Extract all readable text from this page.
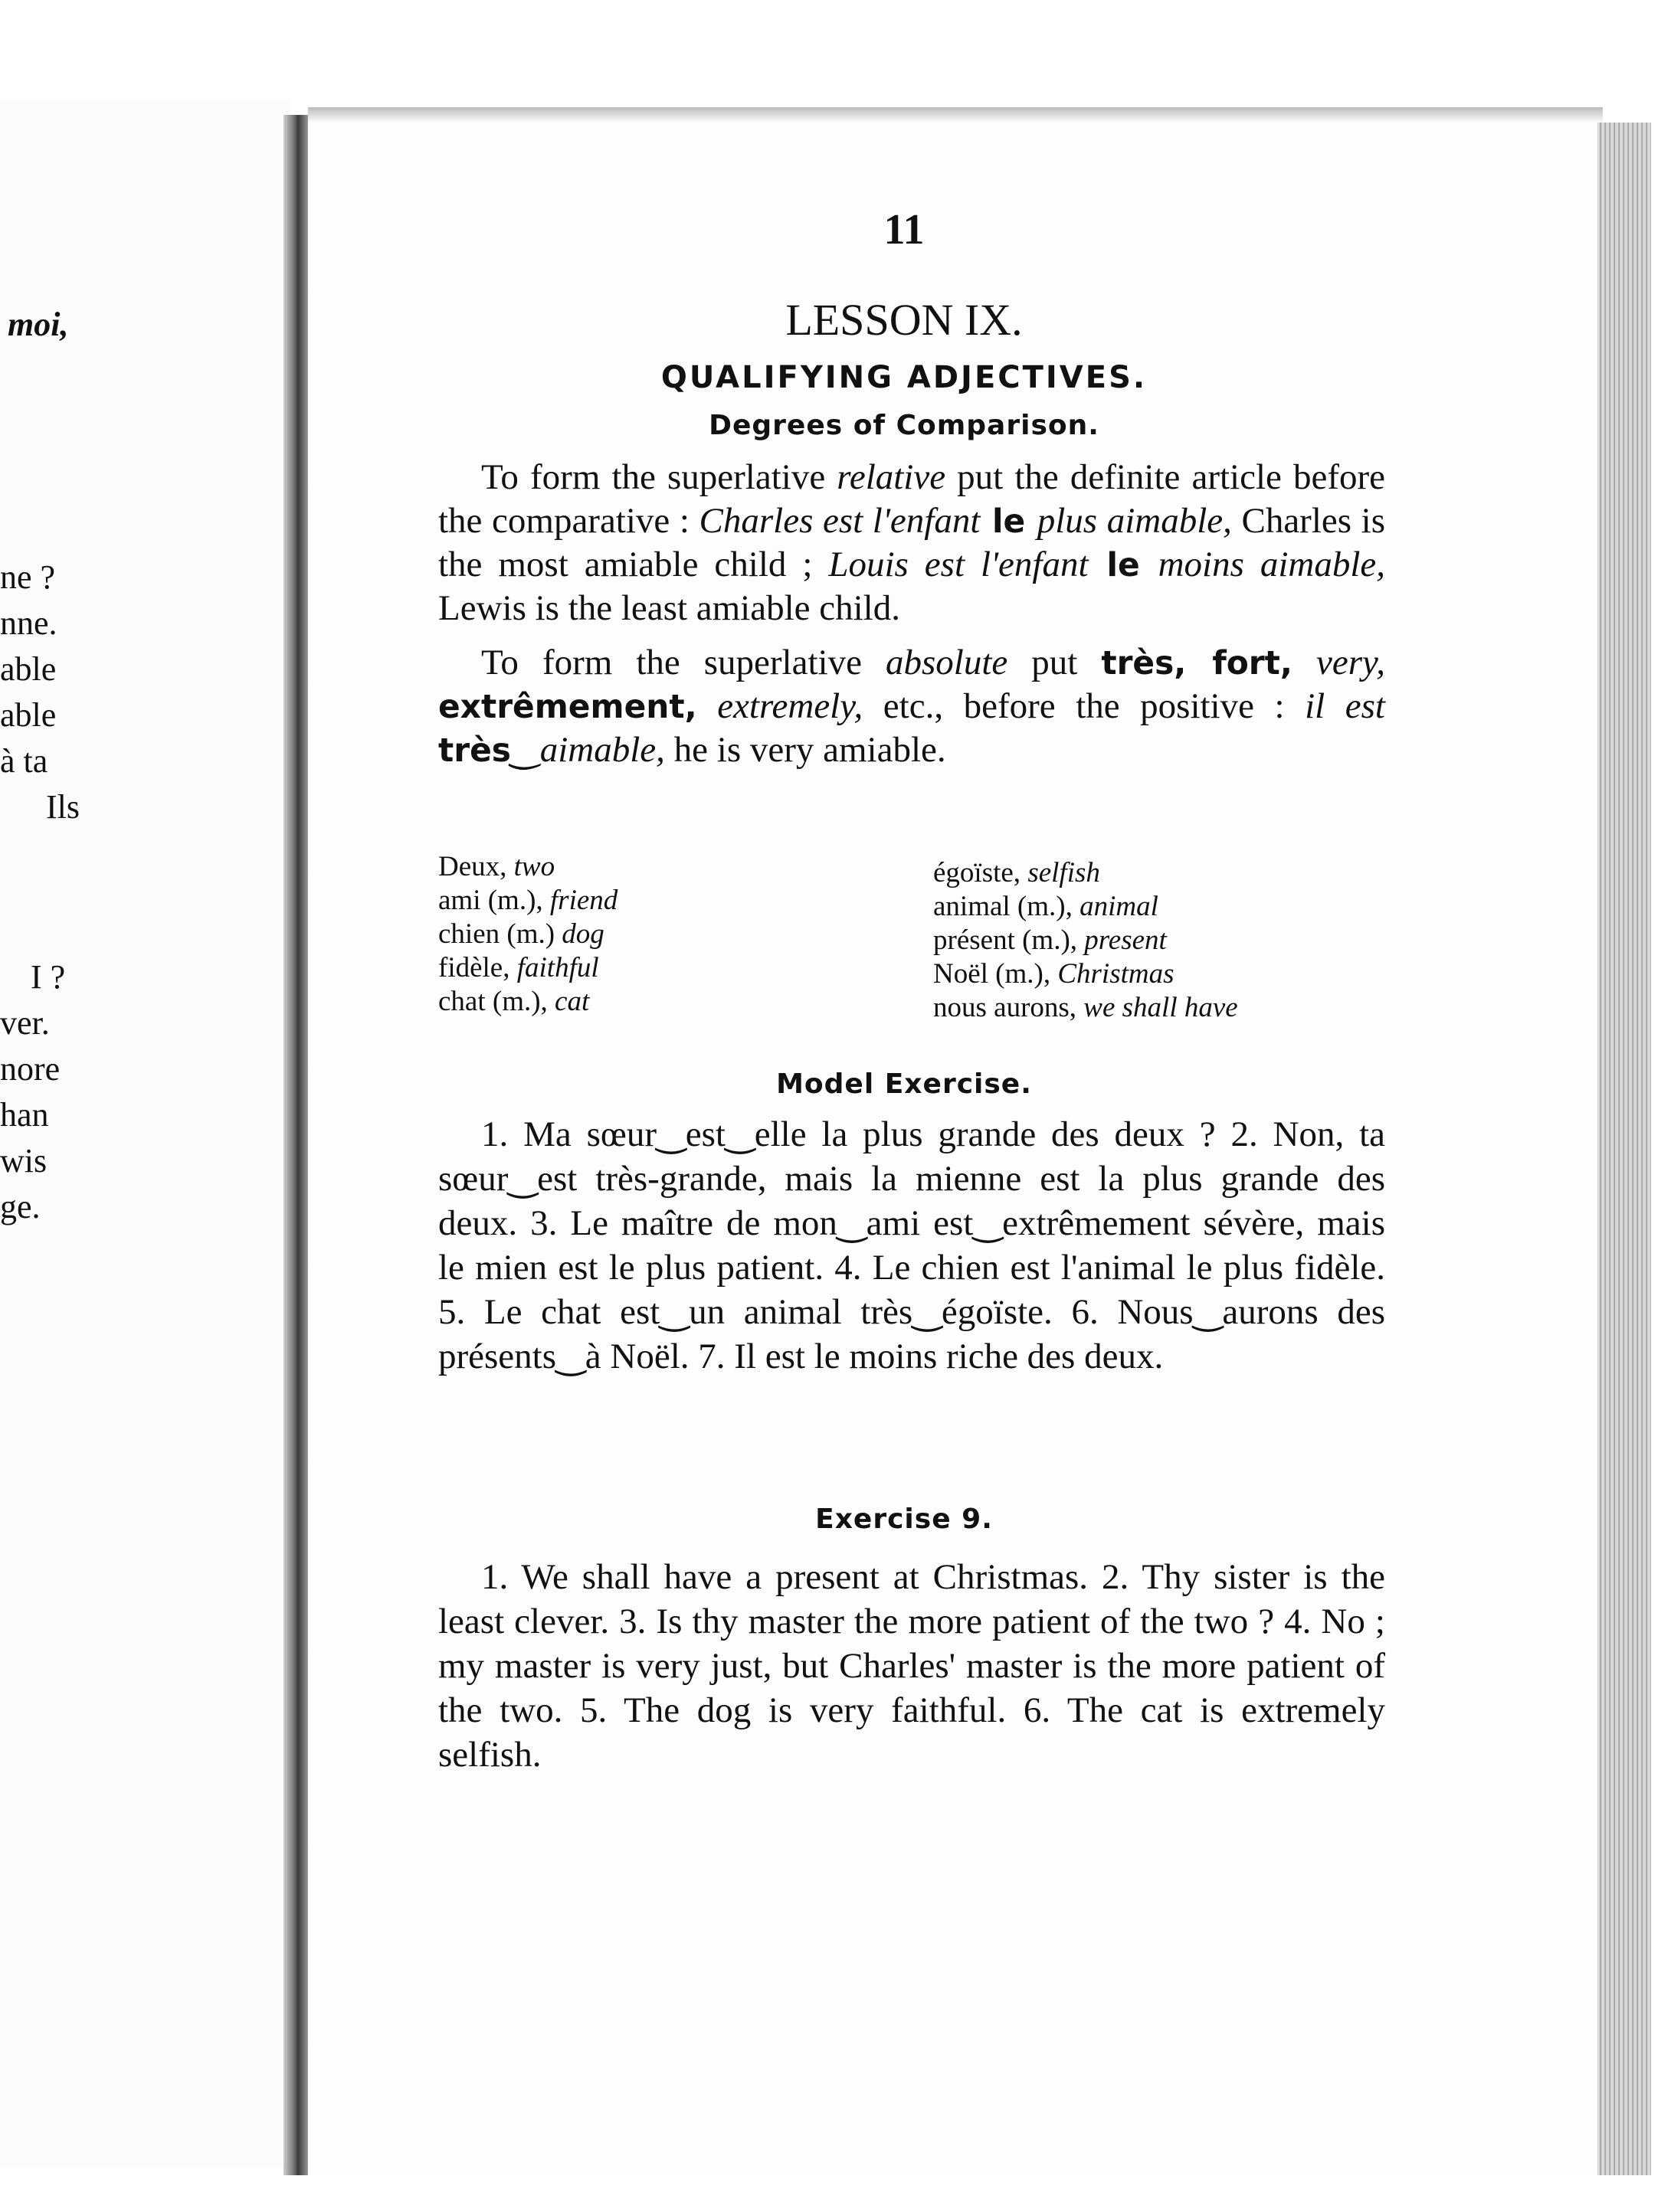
moi,
ne ?
nne.
able
able
à ta
Ils
I ?
ver.
nore
han
wis
ge.
11
LESSON IX.
QUALIFYING ADJECTIVES.
Degrees of Comparison.

To form the superlative relative put the definite article before the comparative : Charles est l'enfant le plus aimable, Charles is the most amiable child ; Louis est l'enfant le moins aimable, Lewis is the least amiable child.

To form the superlative absolute put très, fort, very, extrêmement, extremely, etc., before the positive : il est très‿aimable, he is very amiable.

Deux, two
ami (m.), friend
chien (m.) dog
fidèle, faithful
chat (m.), cat
égoïste, selfish
animal (m.), animal
présent (m.), present
Noël (m.), Christmas
nous aurons, we shall have
Model Exercise.

1. Ma sœur‿est‿elle la plus grande des deux ? 2. Non, ta sœur‿est très-grande, mais la mienne est la plus grande des deux. 3. Le maître de mon‿ami est‿extrêmement sévère, mais le mien est le plus patient. 4. Le chien est l'animal le plus fidèle. 5. Le chat est‿un animal très‿égoïste. 6. Nous‿aurons des présents‿à Noël. 7. Il est le moins riche des deux.

Exercise 9.

1. We shall have a present at Christmas. 2. Thy sister is the least clever. 3. Is thy master the more patient of the two ? 4. No ; my master is very just, but Charles' master is the more patient of the two. 5. The dog is very faithful. 6. The cat is extremely selfish.
